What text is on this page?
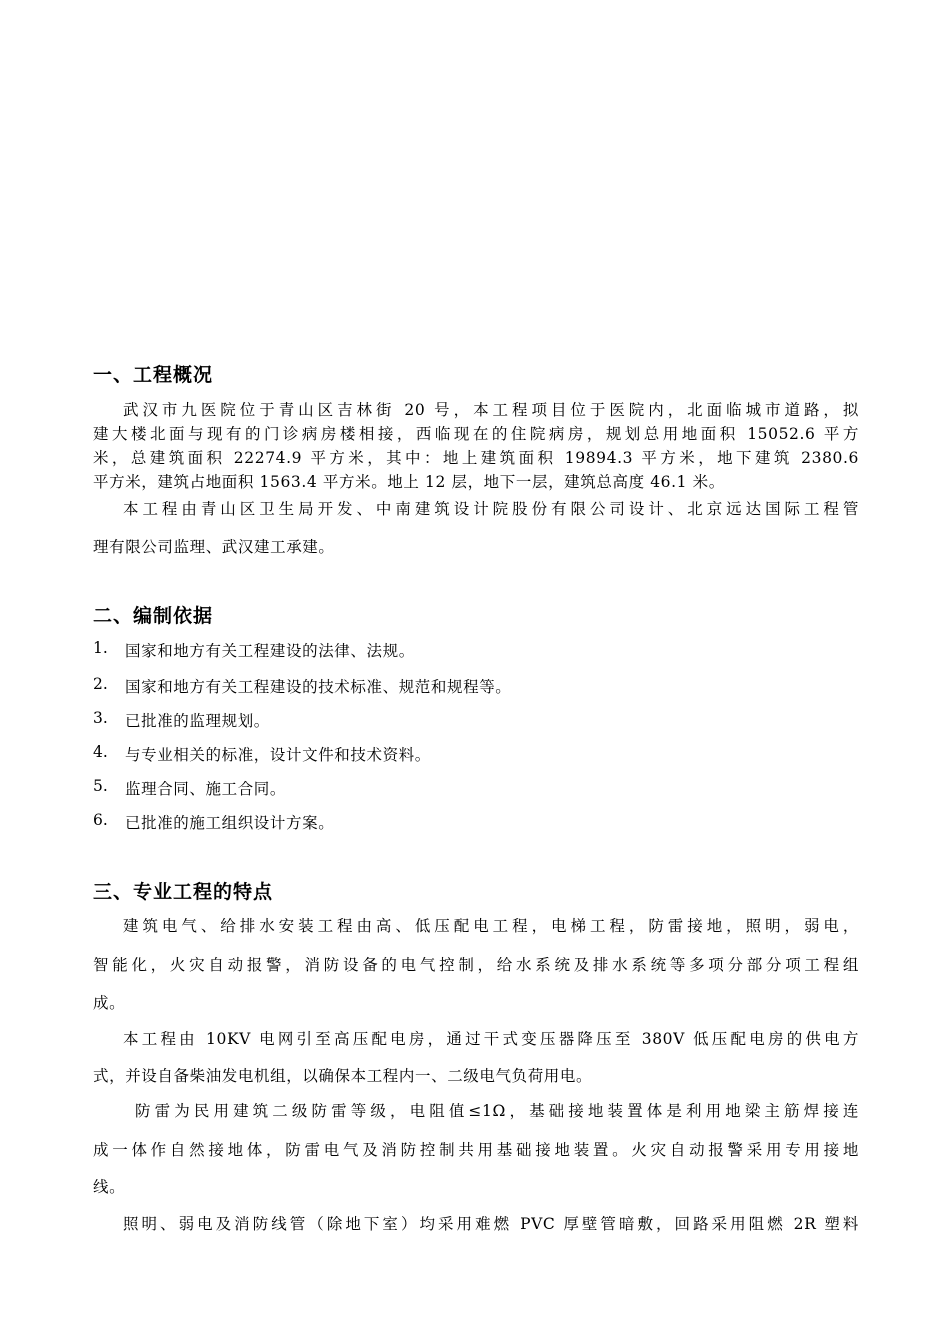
一、工程概况

武汉市九医院位于青山区吉林街 20 号，本工程项目位于医院内，北面临城市道路，拟

建大楼北面与现有的门诊病房楼相接，西临现在的住院病房，规划总用地面积 15052.6 平方

米，总建筑面积 22274.9 平方米，其中：地上建筑面积 19894.3 平方米，地下建筑 2380.6

平方米，建筑占地面积 1563.4 平方米。地上 12 层，地下一层，建筑总高度 46.1 米。

本工程由青山区卫生局开发、中南建筑设计院股份有限公司设计、北京远达国际工程管

理有限公司监理、武汉建工承建。

二、编制依据
1. 国家和地方有关工程建设的法律、法规。
2. 国家和地方有关工程建设的技术标准、规范和规程等。
3. 已批准的监理规划。
4. 与专业相关的标准，设计文件和技术资料。
5. 监理合同、施工合同。
6. 已批准的施工组织设计方案。
三、专业工程的特点

建筑电气、给排水安装工程由高、低压配电工程，电梯工程，防雷接地，照明，弱电，

智能化，火灾自动报警，消防设备的电气控制，给水系统及排水系统等多项分部分项工程组

成。

本工程由 10KV 电网引至高压配电房，通过干式变压器降压至 380V 低压配电房的供电方

式，并设自备柴油发电机组，以确保本工程内一、二级电气负荷用电。

防雷为民用建筑二级防雷等级，电阻值≤1Ω，基础接地装置体是利用地梁主筋焊接连

成一体作自然接地体，防雷电气及消防控制共用基础接地装置。火灾自动报警采用专用接地

线。

照明、弱电及消防线管（除地下室）均采用难燃 PVC 厚壁管暗敷，回路采用阻燃 2R 塑料
